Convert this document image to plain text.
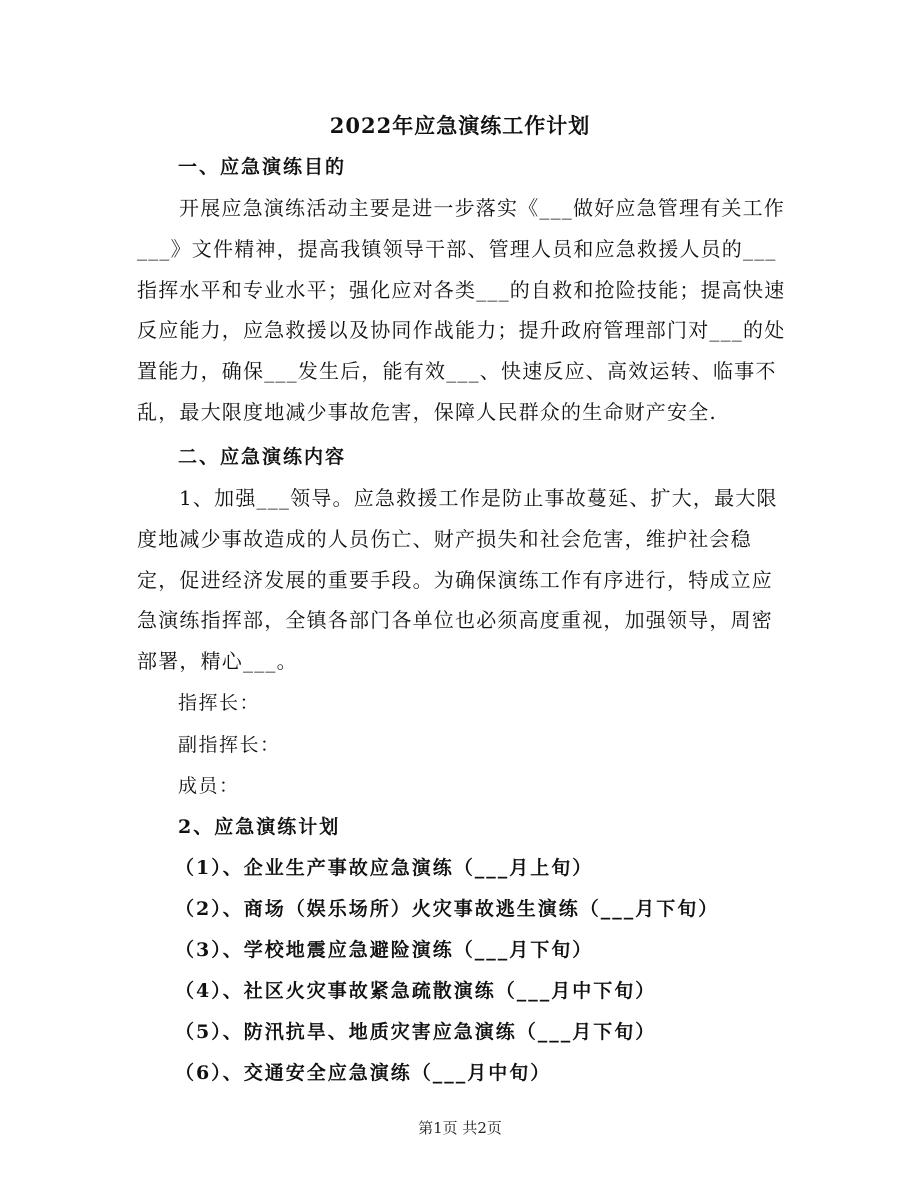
2022年应急演练工作计划
一、应急演练目的
开展应急演练活动主要是进一步落实《___做好应急管理有关工作___》文件精神，提高我镇领导干部、管理人员和应急救援人员的___指挥水平和专业水平；强化应对各类___的自救和抢险技能；提高快速反应能力，应急救援以及协同作战能力；提升政府管理部门对___的处置能力，确保___发生后，能有效___、快速反应、高效运转、临事不乱，最大限度地减少事故危害，保障人民群众的生命财产安全.
二、应急演练内容
1、加强___领导。应急救援工作是防止事故蔓延、扩大，最大限度地减少事故造成的人员伤亡、财产损失和社会危害，维护社会稳定，促进经济发展的重要手段。为确保演练工作有序进行，特成立应急演练指挥部，全镇各部门各单位也必须高度重视，加强领导，周密部署，精心___。
指挥长：
副指挥长：
成员：
2、应急演练计划
（1）、企业生产事故应急演练（___月上旬）
（2）、商场（娱乐场所）火灾事故逃生演练（___月下旬）
（3）、学校地震应急避险演练（___月下旬）
（4）、社区火灾事故紧急疏散演练（___月中下旬）
（5）、防汛抗旱、地质灾害应急演练（___月下旬）
（6）、交通安全应急演练（___月中旬）
第1页 共2页
